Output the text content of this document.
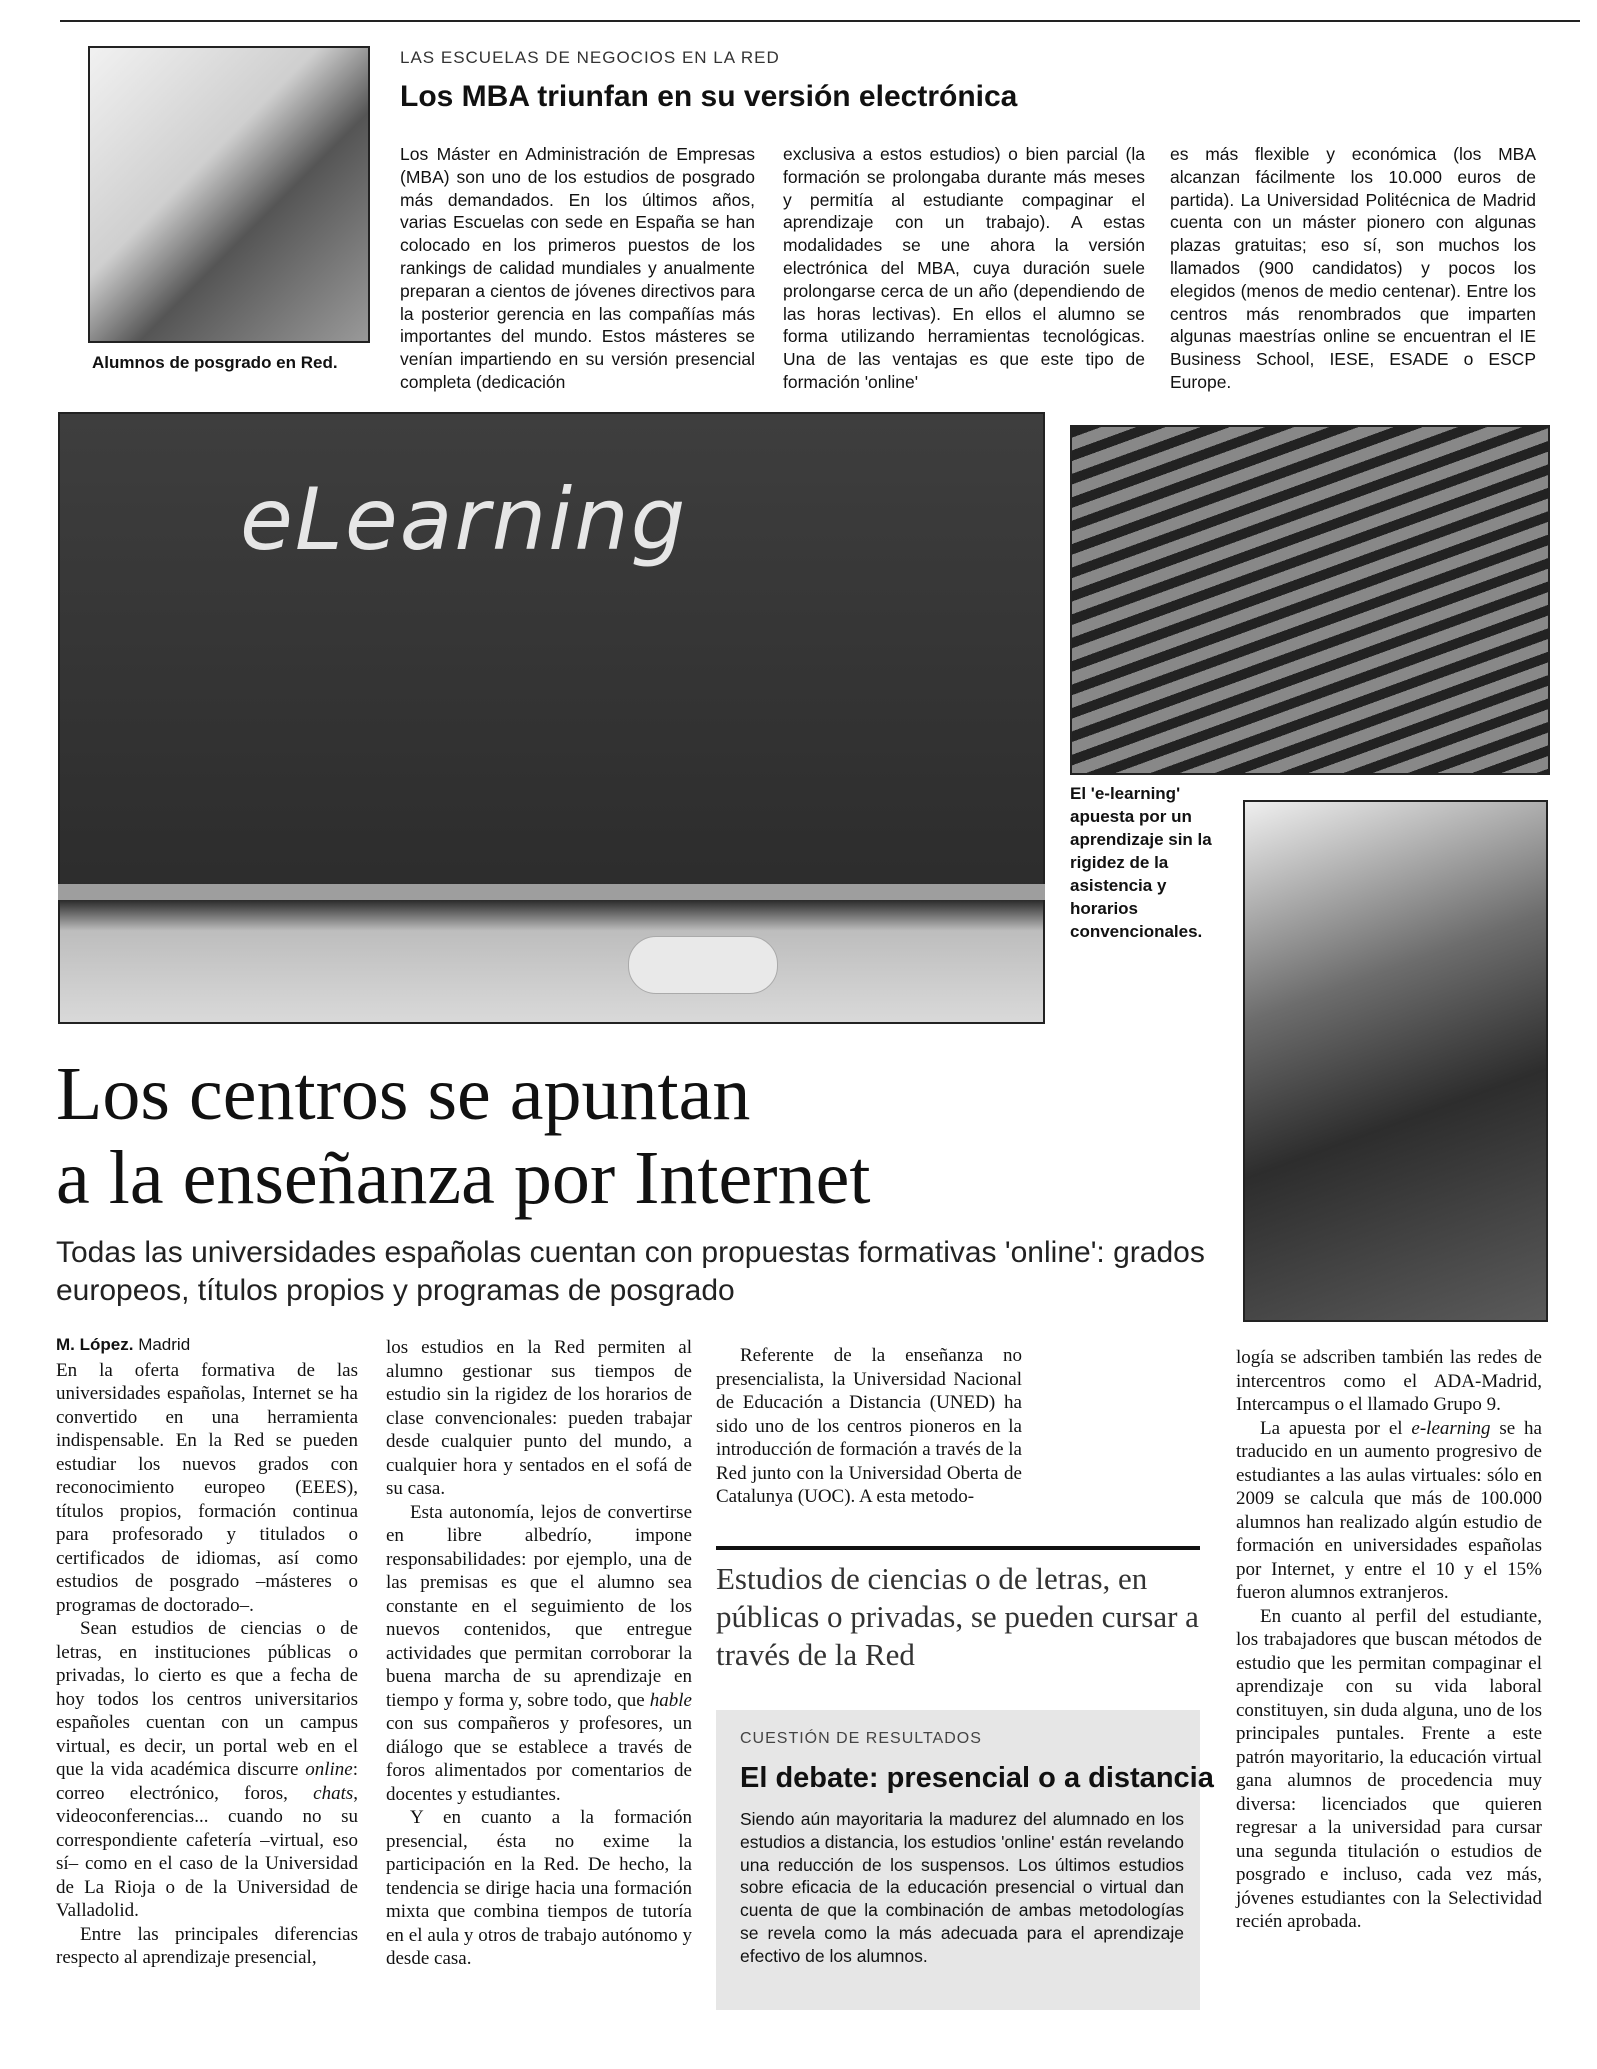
Alumnos de posgrado en Red.
LAS ESCUELAS DE NEGOCIOS EN LA RED
Los MBA triunfan en su versión electrónica
Los Máster en Administración de Empresas (MBA) son uno de los estudios de posgrado más demandados. En los últimos años, varias Escuelas con sede en España se han colocado en los primeros puestos de los rankings de calidad mundiales y anualmente preparan a cientos de jóvenes directivos para la posterior gerencia en las compañías más importantes del mundo. Estos másteres se venían impartiendo en su versión presencial completa (dedicación
exclusiva a estos estudios) o bien parcial (la formación se prolongaba durante más meses y permitía al estudiante compaginar el aprendizaje con un trabajo). A estas modalidades se une ahora la versión electrónica del MBA, cuya duración suele prolongarse cerca de un año (dependiendo de las horas lectivas). En ellos el alumno se forma utilizando herramientas tecnológicas. Una de las ventajas es que este tipo de formación 'online'
es más flexible y económica (los MBA alcanzan fácilmente los 10.000 euros de partida). La Universidad Politécnica de Madrid cuenta con un máster pionero con algunas plazas gratuitas; eso sí, son muchos los llamados (900 candidatos) y pocos los elegidos (menos de medio centenar). Entre los centros más renombrados que imparten algunas maestrías online se encuentran el IE Business School, IESE, ESADE o ESCP Europe.
eLearning
El 'e-learning' apuesta por un aprendizaje sin la rigidez de la asistencia y horarios convencionales.
Los centros se apuntan
a la enseñanza por Internet
Todas las universidades españolas cuentan con propuestas formativas 'online': grados europeos, títulos propios y programas de posgrado
M. López. Madrid

En la oferta formativa de las universidades españolas, Internet se ha convertido en una herramienta indispensable. En la Red se pueden estudiar los nuevos grados con reconocimiento europeo (EEES), títulos propios, formación continua para profesorado y titulados o certificados de idiomas, así como estudios de posgrado –másteres o programas de doctorado–.

Sean estudios de ciencias o de letras, en instituciones públicas o privadas, lo cierto es que a fecha de hoy todos los centros universitarios españoles cuentan con un campus virtual, es decir, un portal web en el que la vida académica discurre online: correo electrónico, foros, chats, videoconferencias... cuando no su correspondiente cafetería –virtual, eso sí– como en el caso de la Universidad de La Rioja o de la Universidad de Valladolid.

Entre las principales diferencias respecto al aprendizaje presencial,

los estudios en la Red permiten al alumno gestionar sus tiempos de estudio sin la rigidez de los horarios de clase convencionales: pueden trabajar desde cualquier punto del mundo, a cualquier hora y sentados en el sofá de su casa.

Esta autonomía, lejos de convertirse en libre albedrío, impone responsabilidades: por ejemplo, una de las premisas es que el alumno sea constante en el seguimiento de los nuevos contenidos, que entregue actividades que permitan corroborar la buena marcha de su aprendizaje en tiempo y forma y, sobre todo, que hable con sus compañeros y profesores, un diálogo que se establece a través de foros alimentados por comentarios de docentes y estudiantes.

Y en cuanto a la formación presencial, ésta no exime la participación en la Red. De hecho, la tendencia se dirige hacia una formación mixta que combina tiempos de tutoría en el aula y otros de trabajo autónomo y desde casa.

Referente de la enseñanza no presencialista, la Universidad Nacional de Educación a Distancia (UNED) ha sido uno de los centros pioneros en la introducción de formación a través de la Red junto con la Universidad Oberta de Catalunya (UOC). A esta metodo-

Estudios de ciencias o de letras, en públicas o privadas, se pueden cursar a través de la Red
CUESTIÓN DE RESULTADOS
El debate: presencial o a distancia
Siendo aún mayoritaria la madurez del alumnado en los estudios a distancia, los estudios 'online' están revelando una reducción de los suspensos. Los últimos estudios sobre eficacia de la educación presencial o virtual dan cuenta de que la combinación de ambas metodologías se revela como la más adecuada para el aprendizaje efectivo de los alumnos.

logía se adscriben también las redes de intercentros como el ADA-Madrid, Intercampus o el llamado Grupo 9.

La apuesta por el e-learning se ha traducido en un aumento progresivo de estudiantes a las aulas virtuales: sólo en 2009 se calcula que más de 100.000 alumnos han realizado algún estudio de formación en universidades españolas por Internet, y entre el 10 y el 15% fueron alumnos extranjeros.

En cuanto al perfil del estudiante, los trabajadores que buscan métodos de estudio que les permitan compaginar el aprendizaje con su vida laboral constituyen, sin duda alguna, uno de los principales puntales. Frente a este patrón mayoritario, la educación virtual gana alumnos de procedencia muy diversa: licenciados que quieren regresar a la universidad para cursar una segunda titulación o estudios de posgrado e incluso, cada vez más, jóvenes estudiantes con la Selectividad recién aprobada.
